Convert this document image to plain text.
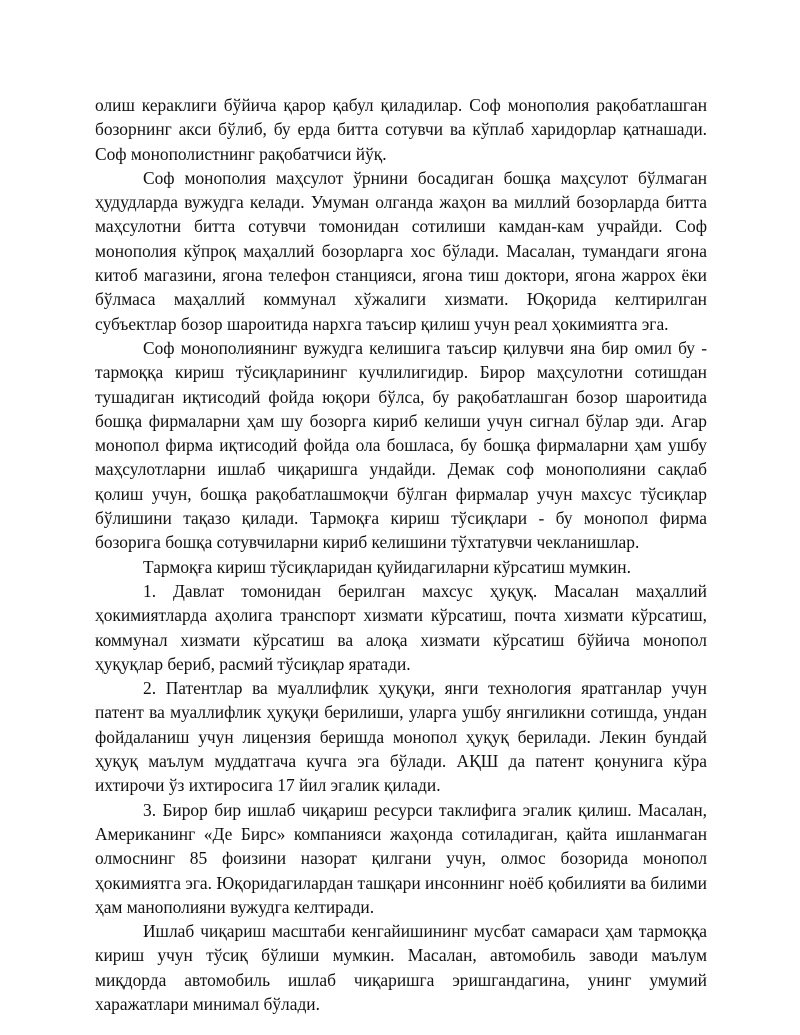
олиш кераклиги бўйича қарор қабул қиладилар. Соф монополия рақобатлашган бозорнинг акси бўлиб, бу ерда битта сотувчи ва кўплаб харидорлар қатнашади. Соф монополистнинг рақобатчиси йўқ.

Соф монополия маҳсулот ўрнини босадиган бошқа маҳсулот бўлмаган ҳудудларда вужудга келади. Умуман олганда жаҳон ва миллий бозорларда битта маҳсулотни битта сотувчи томонидан сотилиши камдан-кам учрайди. Соф монополия кўпроқ маҳаллий бозорларга хос бўлади. Масалан, тумандаги ягона китоб магазини, ягона телефон станцияси, ягона тиш доктори, ягона жаррох ёки бўлмаса маҳаллий коммунал хўжалиги хизмати. Юқорида келтирилган субъектлар бозор шароитида нархга таъсир қилиш учун реал ҳокимиятга эга.

Соф монополиянинг вужудга келишига таъсир қилувчи яна бир омил бу - тармоққа кириш тўсиқларининг кучлилигидир. Бирор маҳсулотни сотишдан тушадиган иқтисодий фойда юқори бўлса, бу рақобатлашган бозор шароитида бошқа фирмаларни ҳам шу бозорга кириб келиши учун сигнал бўлар эди. Агар монопол фирма иқтисодий фойда ола бошласа, бу бошқа фирмаларни ҳам ушбу маҳсулотларни ишлаб чиқаришга ундайди. Демак соф монополияни сақлаб қолиш учун, бошқа рақобатлашмоқчи бўлган фирмалар учун махсус тўсиқлар бўлишини тақазо қилади. Тармоқға кириш тўсиқлари - бу монопол фирма бозорига бошқа сотувчиларни кириб келишини тўхтатувчи чекланишлар.

Тармоқға кириш тўсиқларидан қуйидагиларни кўрсатиш мумкин.

1. Давлат томонидан берилган махсус ҳуқуқ. Масалан маҳаллий ҳокимиятларда аҳолига транспорт хизмати кўрсатиш, почта хизмати кўрсатиш, коммунал хизмати кўрсатиш ва алоқа хизмати кўрсатиш бўйича монопол ҳуқуқлар бериб, расмий тўсиқлар яратади.

2. Патентлар ва муаллифлик ҳуқуқи, янги технология яратганлар учун патент ва муаллифлик ҳуқуқи берилиши, уларга ушбу янгиликни сотишда, ундан фойдаланиш учун лицензия беришда монопол ҳуқуқ берилади. Лекин бундай ҳуқуқ маълум муддатгача кучга эга бўлади. АҚШ да патент қонунига кўра ихтирочи ўз ихтиросига 17 йил эгалик қилади.

3. Бирор бир ишлаб чиқариш ресурси таклифига эгалик қилиш. Масалан, Американинг «Де Бирс» компанияси жаҳонда сотиладиган, қайта ишланмаган олмоснинг 85 фоизини назорат қилгани учун, олмос бозорида монопол ҳокимиятга эга. Юқоридагилардан ташқари инсоннинг ноёб қобилияти ва билими ҳам манополияни вужудга келтиради.

Ишлаб чиқариш масштаби кенгайишининг мусбат самараси ҳам тармоққа кириш учун тўсиқ бўлиши мумкин. Масалан, автомобиль заводи маълум миқдорда автомобиль ишлаб чиқаришга эришгандагина, унинг умумий харажатлари минимал бўлади.
